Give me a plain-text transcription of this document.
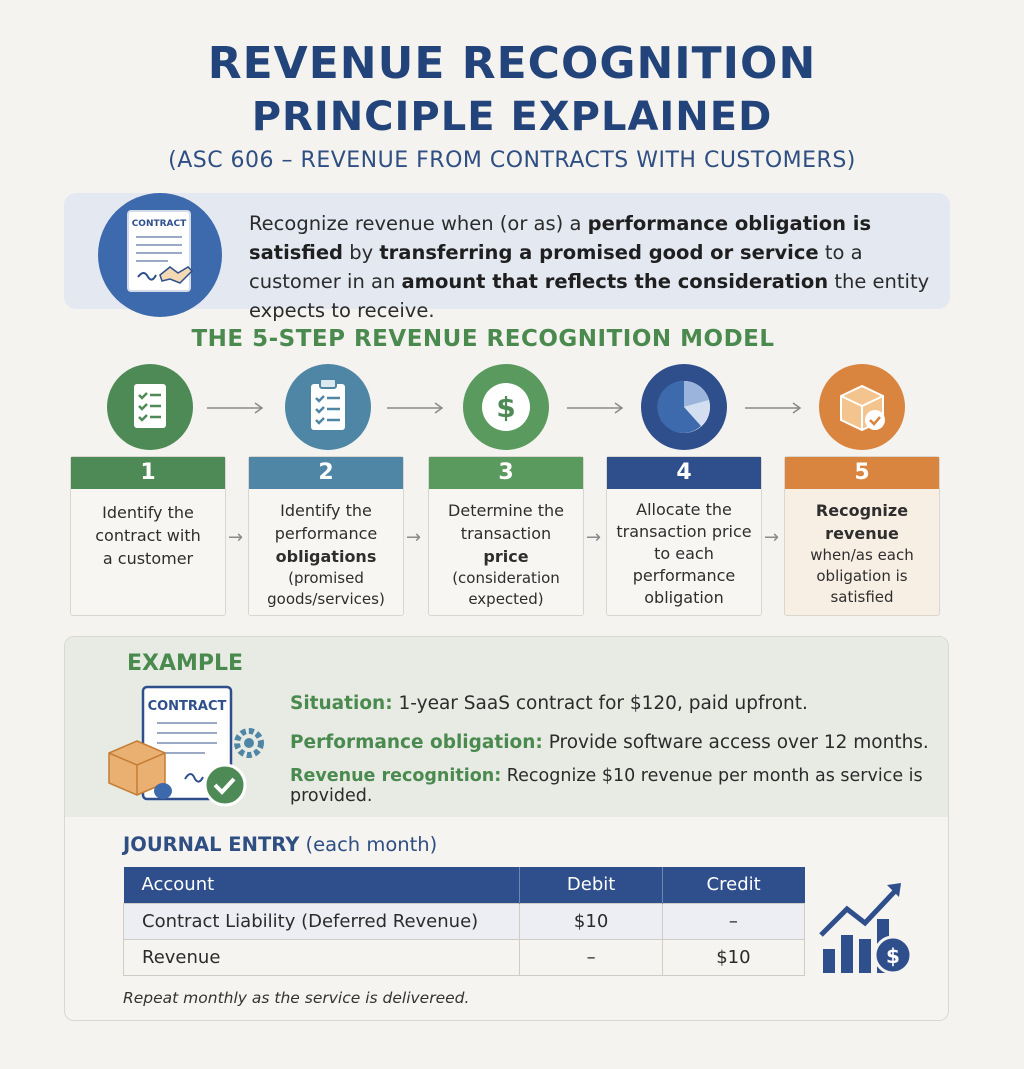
REVENUE RECOGNITION
PRINCIPLE EXPLAINED
(ASC 606 – REVENUE FROM CONTRACTS WITH CUSTOMERS)
CONTRACT	Recognize revenue when (or as) a performance obligation is satisfied by transferring a promised good or service to a customer in an amount that reflects the consideration the entity expects to receive.
THE 5-STEP REVENUE RECOGNITION MODEL
$
1
Identify the
contract with
a customer
2
Identify the
performance
obligations
(promised
goods/services)
3
Determine the
transaction
price
(consideration
expected)
4
Allocate the
transaction price
to each
performance
obligation
5
Recognize
revenue
when/as each
obligation is
satisfied
→	→	→	→
EXAMPLE
CONTRACT	Situation: 1-year SaaS contract for $120, paid upfront.
Performance obligation: Provide software access over 12 months.
Revenue recognition: Recognize $10 revenue per month as service is provided.
JOURNAL ENTRY (each month)
Account	Debit	Credit
Contract Liability (Deferred Revenue)	$10	–
Revenue	–	$10	$
Repeat monthly as the service is delivereed.
